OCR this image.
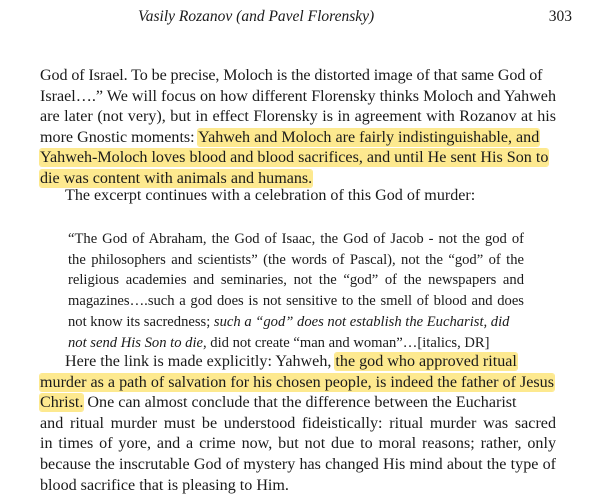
Vasily Rozanov (and Pavel Florensky)	303
God of Israel. To be precise, Moloch is the distorted image of that same God of
Israel….” We will focus on how different Florensky thinks Moloch and Yahweh
are later (not very), but in effect Florensky is in agreement with Rozanov at his
more Gnostic moments: Yahweh and Moloch are fairly indistinguishable, and
Yahweh-Moloch loves blood and blood sacrifices, and until He sent His Son to
die was content with animals and humans.
The excerpt continues with a celebration of this God of murder:
“The God of Abraham, the God of Isaac, the God of Jacob - not the god of
the philosophers and scientists” (the words of Pascal), not the “god” of the
religious academies and seminaries, not the “god” of the newspapers and
magazines….such a god does is not sensitive to the smell of blood and does
not know its sacredness; such a “god” does not establish the Eucharist, did
not send His Son to die, did not create “man and woman”…[italics, DR]
Here the link is made explicitly: Yahweh, the god who approved ritual
murder as a path of salvation for his chosen people, is indeed the father of Jesus
Christ. One can almost conclude that the difference between the Eucharist
and ritual murder must be understood fideistically: ritual murder was sacred
in times of yore, and a crime now, but not due to moral reasons; rather, only
because the inscrutable God of mystery has changed His mind about the type of
blood sacrifice that is pleasing to Him.
